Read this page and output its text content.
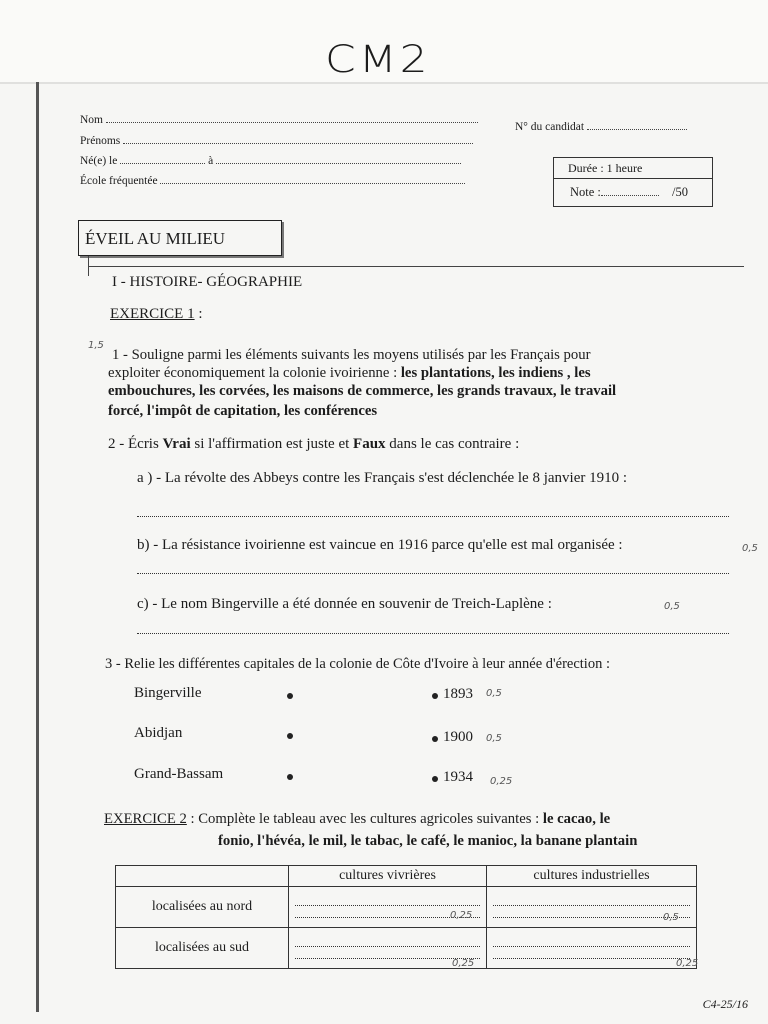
CM2
Nom
Prénoms
Né(e) le	à
École fréquentée
N° du candidat
Durée : 1 heure
Note :	/50
ÉVEIL AU MILIEU
I - HISTOIRE- GÉOGRAPHIE
EXERCICE 1 :
1 - Souligne parmi les éléments suivants les moyens utilisés par les Français pour
exploiter économiquement la colonie ivoirienne : les plantations, les indiens , les
embouchures, les corvées, les maisons de commerce, les grands travaux, le travail
forcé, l'impôt de capitation, les conférences
2 - Écris Vrai si l'affirmation est juste et Faux dans le cas contraire :
a ) - La révolte des Abbeys contre les Français s'est déclenchée le 8 janvier 1910 :
b) - La résistance ivoirienne est vaincue en 1916 parce qu'elle est mal organisée :	0,5
c) - Le nom Bingerville a été donnée en souvenir de Treich-Laplène :	0,5
3 - Relie les différentes capitales de la colonie de Côte d'Ivoire à leur année d'érection :
Bingerville
Abidjan
Grand-Bassam
1893
1900
1934
0,5
0,5
0,25
EXERCICE 2 : Complète le tableau avec les cultures agricoles suivantes : le cacao, le
fonio, l'hévéa, le mil, le tabac, le café, le manioc, la banane plantain
	cultures vivrières	cultures industrielles
localisées au nord	

localisées au sud	

0,25	0,5
0,25	0,25
1,5
C4-25/16
